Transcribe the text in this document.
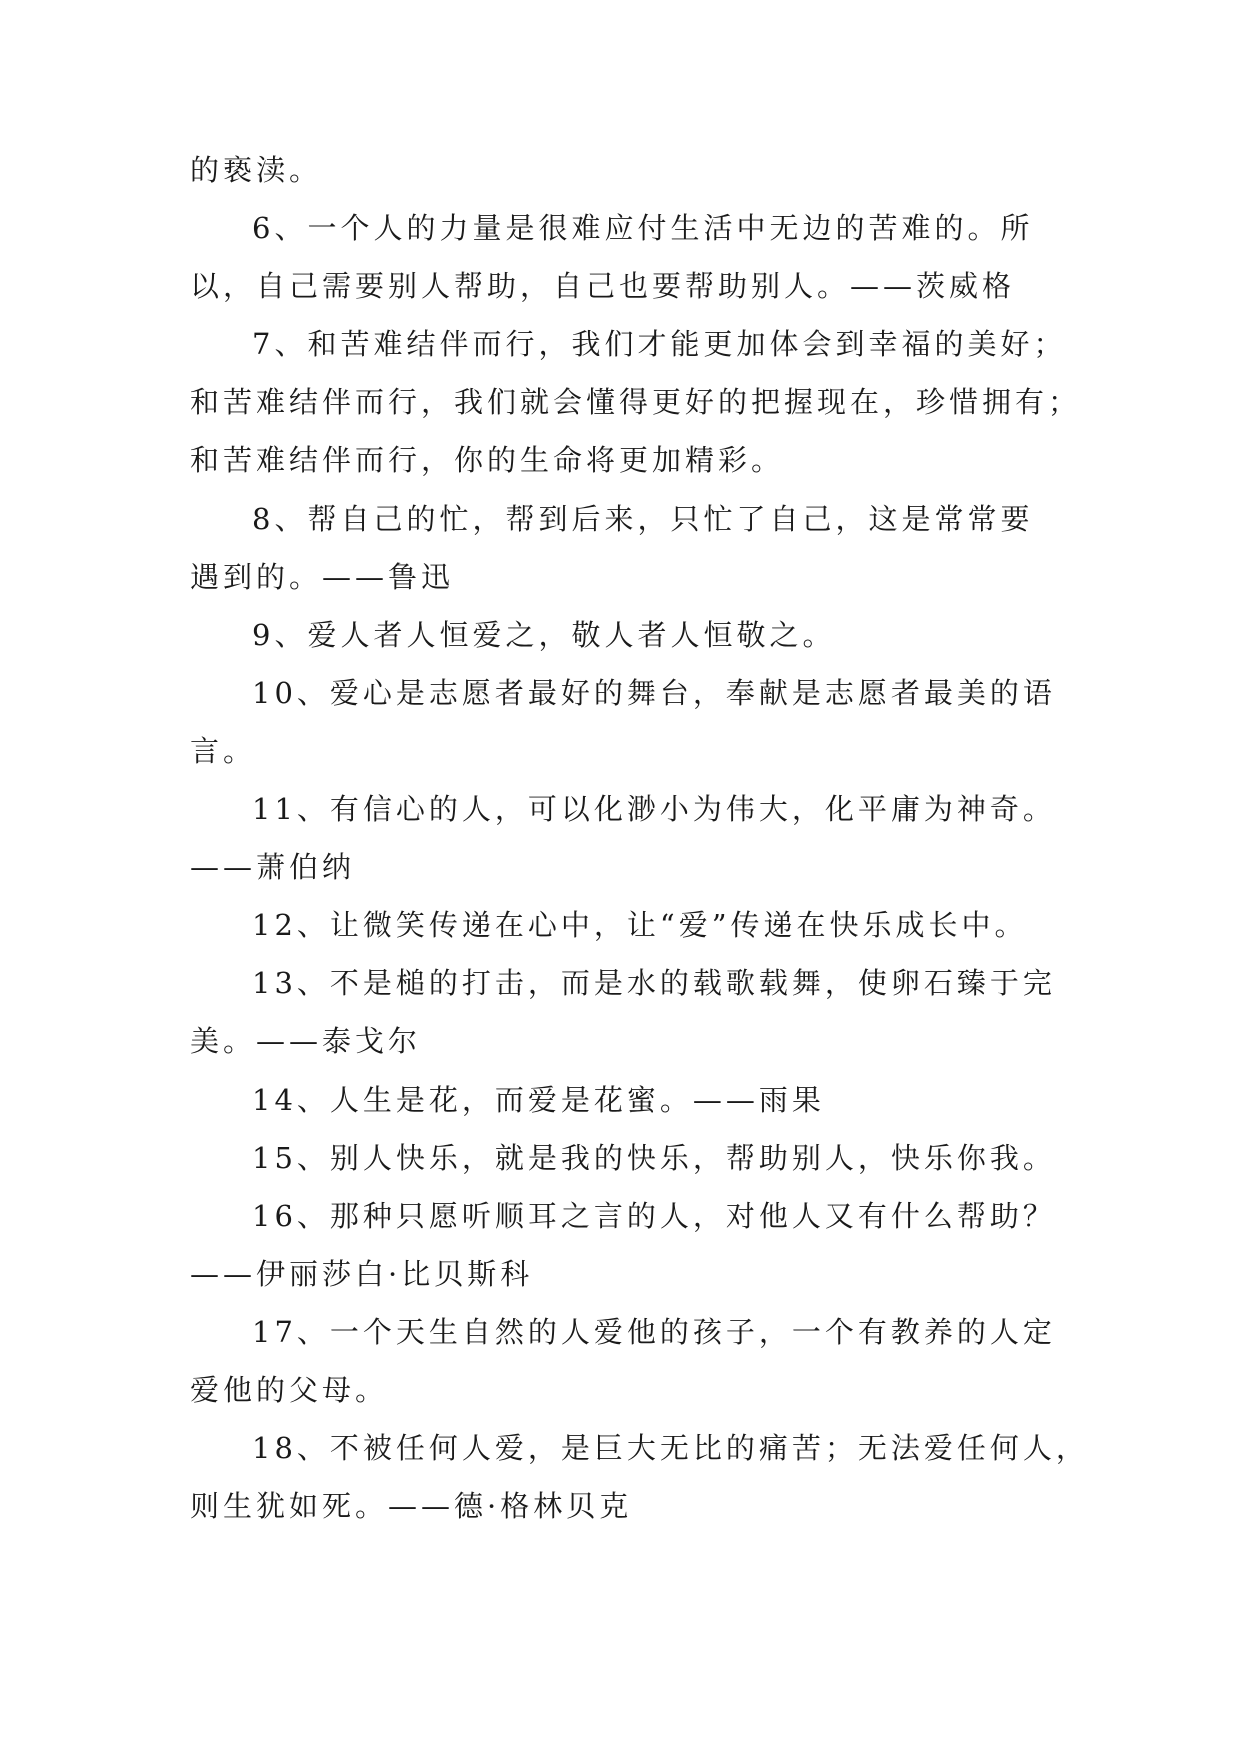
的亵渎。
6、一个人的力量是很难应付生活中无边的苦难的。所
以，自己需要别人帮助，自己也要帮助别人。——茨威格
7、和苦难结伴而行，我们才能更加体会到幸福的美好；
和苦难结伴而行，我们就会懂得更好的把握现在，珍惜拥有；
和苦难结伴而行，你的生命将更加精彩。
8、帮自己的忙，帮到后来，只忙了自己，这是常常要
遇到的。——鲁迅
9、爱人者人恒爱之，敬人者人恒敬之。
10、爱心是志愿者最好的舞台，奉献是志愿者最美的语
言。
11、有信心的人，可以化渺小为伟大，化平庸为神奇。
——萧伯纳
12、让微笑传递在心中，让“爱”传递在快乐成长中。
13、不是槌的打击，而是水的载歌载舞，使卵石臻于完
美。——泰戈尔
14、人生是花，而爱是花蜜。——雨果
15、别人快乐，就是我的快乐，帮助别人，快乐你我。
16、那种只愿听顺耳之言的人，对他人又有什么帮助？
——伊丽莎白·比贝斯科
17、一个天生自然的人爱他的孩子，一个有教养的人定
爱他的父母。
18、不被任何人爱，是巨大无比的痛苦；无法爱任何人，
则生犹如死。——德·格林贝克
